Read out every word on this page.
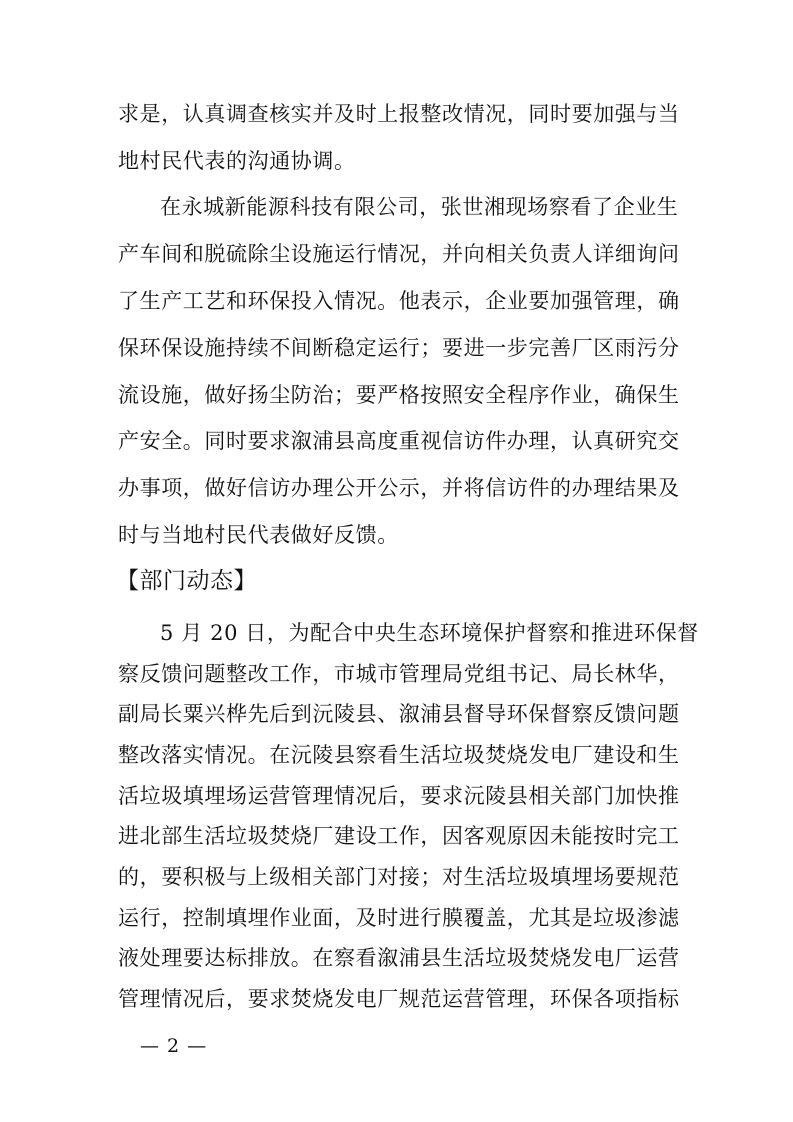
求是，认真调查核实并及时上报整改情况，同时要加强与当
地村民代表的沟通协调。
在永城新能源科技有限公司，张世湘现场察看了企业生
产车间和脱硫除尘设施运行情况，并向相关负责人详细询问
了生产工艺和环保投入情况。他表示，企业要加强管理，确
保环保设施持续不间断稳定运行；要进一步完善厂区雨污分
流设施，做好扬尘防治；要严格按照安全程序作业，确保生
产安全。同时要求溆浦县高度重视信访件办理，认真研究交
办事项，做好信访办理公开公示，并将信访件的办理结果及
时与当地村民代表做好反馈。
【部门动态】
5 月 20 日，为配合中央生态环境保护督察和推进环保督
察反馈问题整改工作，市城市管理局党组书记、局长林华，
副局长粟兴桦先后到沅陵县、溆浦县督导环保督察反馈问题
整改落实情况。在沅陵县察看生活垃圾焚烧发电厂建设和生
活垃圾填埋场运营管理情况后，要求沅陵县相关部门加快推
进北部生活垃圾焚烧厂建设工作，因客观原因未能按时完工
的，要积极与上级相关部门对接；对生活垃圾填埋场要规范
运行，控制填埋作业面，及时进行膜覆盖，尤其是垃圾渗滤
液处理要达标排放。在察看溆浦县生活垃圾焚烧发电厂运营
管理情况后，要求焚烧发电厂规范运营管理，环保各项指标
— 2 —
